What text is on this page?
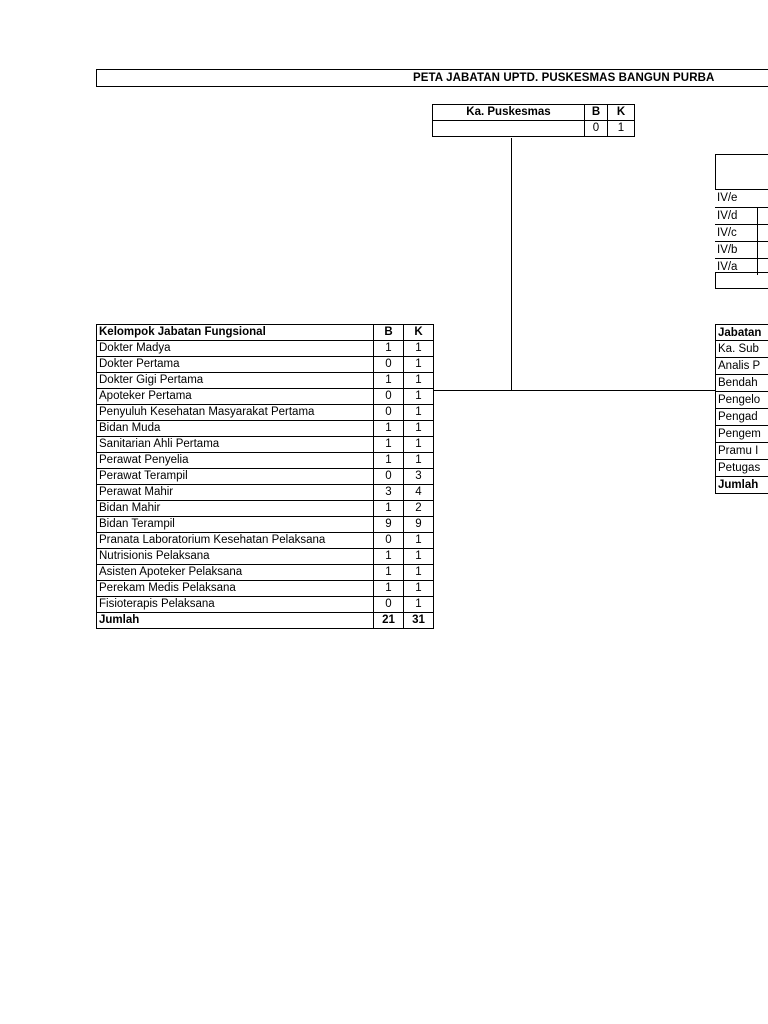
PETA JABATAN UPTD. PUSKESMAS BANGUN PURBA
Ka. Puskesmas	B	K
	0	1
Kelompok Jabatan Fungsional	B	K
Dokter Madya	1	1
Dokter Pertama	0	1
Dokter Gigi Pertama	1	1
Apoteker Pertama	0	1
Penyuluh Kesehatan Masyarakat Pertama	0	1
Bidan Muda	1	1
Sanitarian Ahli Pertama	1	1
Perawat Penyelia	1	1
Perawat Terampil	0	3
Perawat Mahir	3	4
Bidan Mahir	1	2
Bidan Terampil	9	9
Pranata Laboratorium Kesehatan Pelaksana	0	1
Nutrisionis Pelaksana	1	1
Asisten Apoteker Pelaksana	1	1
Perekam Medis Pelaksana	1	1
Fisioterapis Pelaksana	0	1
Jumlah	21	31
IV/e
IV/d
IV/c
IV/b
IV/a
Jabatan
Ka. Sub
Analis P
Bendah
Pengelo
Pengad
Pengem
Pramu I
Petugas
Jumlah
